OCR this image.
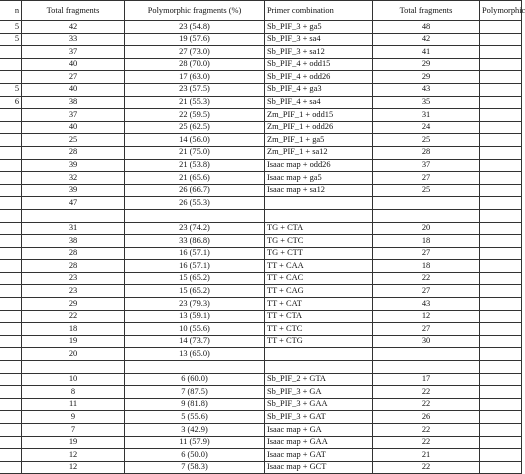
n	Total fragments	Polymorphic fragments (%)	Primer combination	Total fragments	Polymorphic
5	42	23 (54.8)	Sb_PIF_3 + ga5	48	
5	33	19 (57.6)	Sb_PIF_3 + sa4	42	
	37	27 (73.0)	Sb_PIF_3 + sa12	41	
	40	28 (70.0)	Sb_PIF_4 + odd15	29	
	27	17 (63.0)	Sb_PIF_4 + odd26	29	
5	40	23 (57.5)	Sb_PIF_4 + ga3	43	
6	38	21 (55.3)	Sb_PIF_4 + sa4	35	
	37	22 (59.5)	Zm_PIF_1 + odd15	31	
	40	25 (62.5)	Zm_PIF_1 + odd26	24	
	25	14 (56.0)	Zm_PIF_1 + ga5	25	
	28	21 (75.0)	Zm_PIF_1 + sa12	28	
	39	21 (53.8)	Isaac map + odd26	37	
	32	21 (65.6)	Isaac map + ga5	27	
	39	26 (66.7)	Isaac map + sa12	25	
	47	26 (55.3)			

	31	23 (74.2)	TG + CTA	20	
	38	33 (86.8)	TG + CTC	18	
	28	16 (57.1)	TG + CTT	27	
	28	16 (57.1)	TT + CAA	18	
	23	15 (65.2)	TT + CAC	22	
	23	15 (65.2)	TT + CAG	27	
	29	23 (79.3)	TT + CAT	43	
	22	13 (59.1)	TT + CTA	12	
	18	10 (55.6)	TT + CTC	27	
	19	14 (73.7)	TT + CTG	30	
	20	13 (65.0)			

	10	6 (60.0)	Sb_PIF_2 + GTA	17	
	8	7 (87.5)	Sb_PIF_3 + GA	22	
	11	9 (81.8)	Sb_PIF_3 + GAA	22	
	9	5 (55.6)	Sb_PIF_3 + GAT	26	
	7	3 (42.9)	Isaac map + GA	22	
	19	11 (57.9)	Isaac map + GAA	22	
	12	6 (50.0)	Isaac map + GAT	21	
	12	7 (58.3)	Isaac map + GCT	22	
